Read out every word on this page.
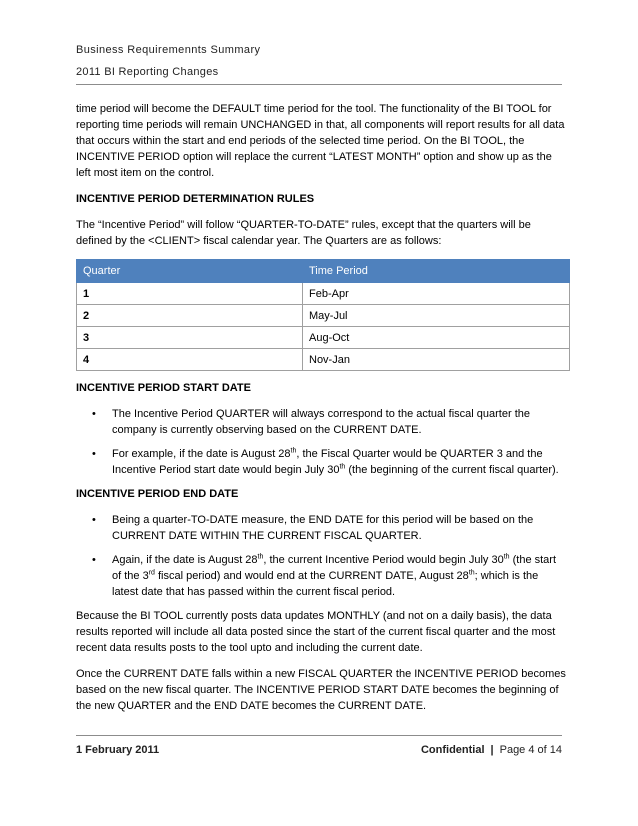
Business Requiremennts Summary
2011 BI Reporting Changes

time period will become the DEFAULT time period for the tool. The functionality of the BI TOOL for reporting time periods will remain UNCHANGED in that, all components will report results for all data that occurs within the start and end periods of the selected time period. On the BI TOOL, the INCENTIVE PERIOD option will replace the current “LATEST MONTH” option and show up as the left most item on the control.

INCENTIVE PERIOD DETERMINATION RULES

The “Incentive Period” will follow “QUARTER-TO-DATE” rules, except that the quarters will be defined by the <CLIENT> fiscal calendar year. The Quarters are as follows:

Quarter	Time Period
1	Feb-Apr
2	May-Jul
3	Aug-Oct
4	Nov-Jan
INCENTIVE PERIOD START DATE
• The Incentive Period QUARTER will always correspond to the actual fiscal quarter the company is currently observing based on the CURRENT DATE.
• For example, if the date is August 28th, the Fiscal Quarter would be QUARTER 3 and the Incentive Period start date would begin July 30th (the beginning of the current fiscal quarter).
INCENTIVE PERIOD END DATE
• Being a quarter-TO-DATE measure, the END DATE for this period will be based on the CURRENT DATE WITHIN THE CURRENT FISCAL QUARTER.
• Again, if the date is August 28th, the current Incentive Period would begin July 30th (the start of the 3rd fiscal period) and would end at the CURRENT DATE, August 28th; which is the latest date that has passed within the current fiscal period.

Because the BI TOOL currently posts data updates MONTHLY (and not on a daily basis), the data results reported will include all data posted since the start of the current fiscal quarter and the most recent data results posts to the tool upto and including the current date.

Once the CURRENT DATE falls within a new FISCAL QUARTER the INCENTIVE PERIOD becomes based on the new fiscal quarter. The INCENTIVE PERIOD START DATE becomes the beginning of the new QUARTER and the END DATE becomes the CURRENT DATE.

1 February 2011	Confidential | Page 4 of 14
